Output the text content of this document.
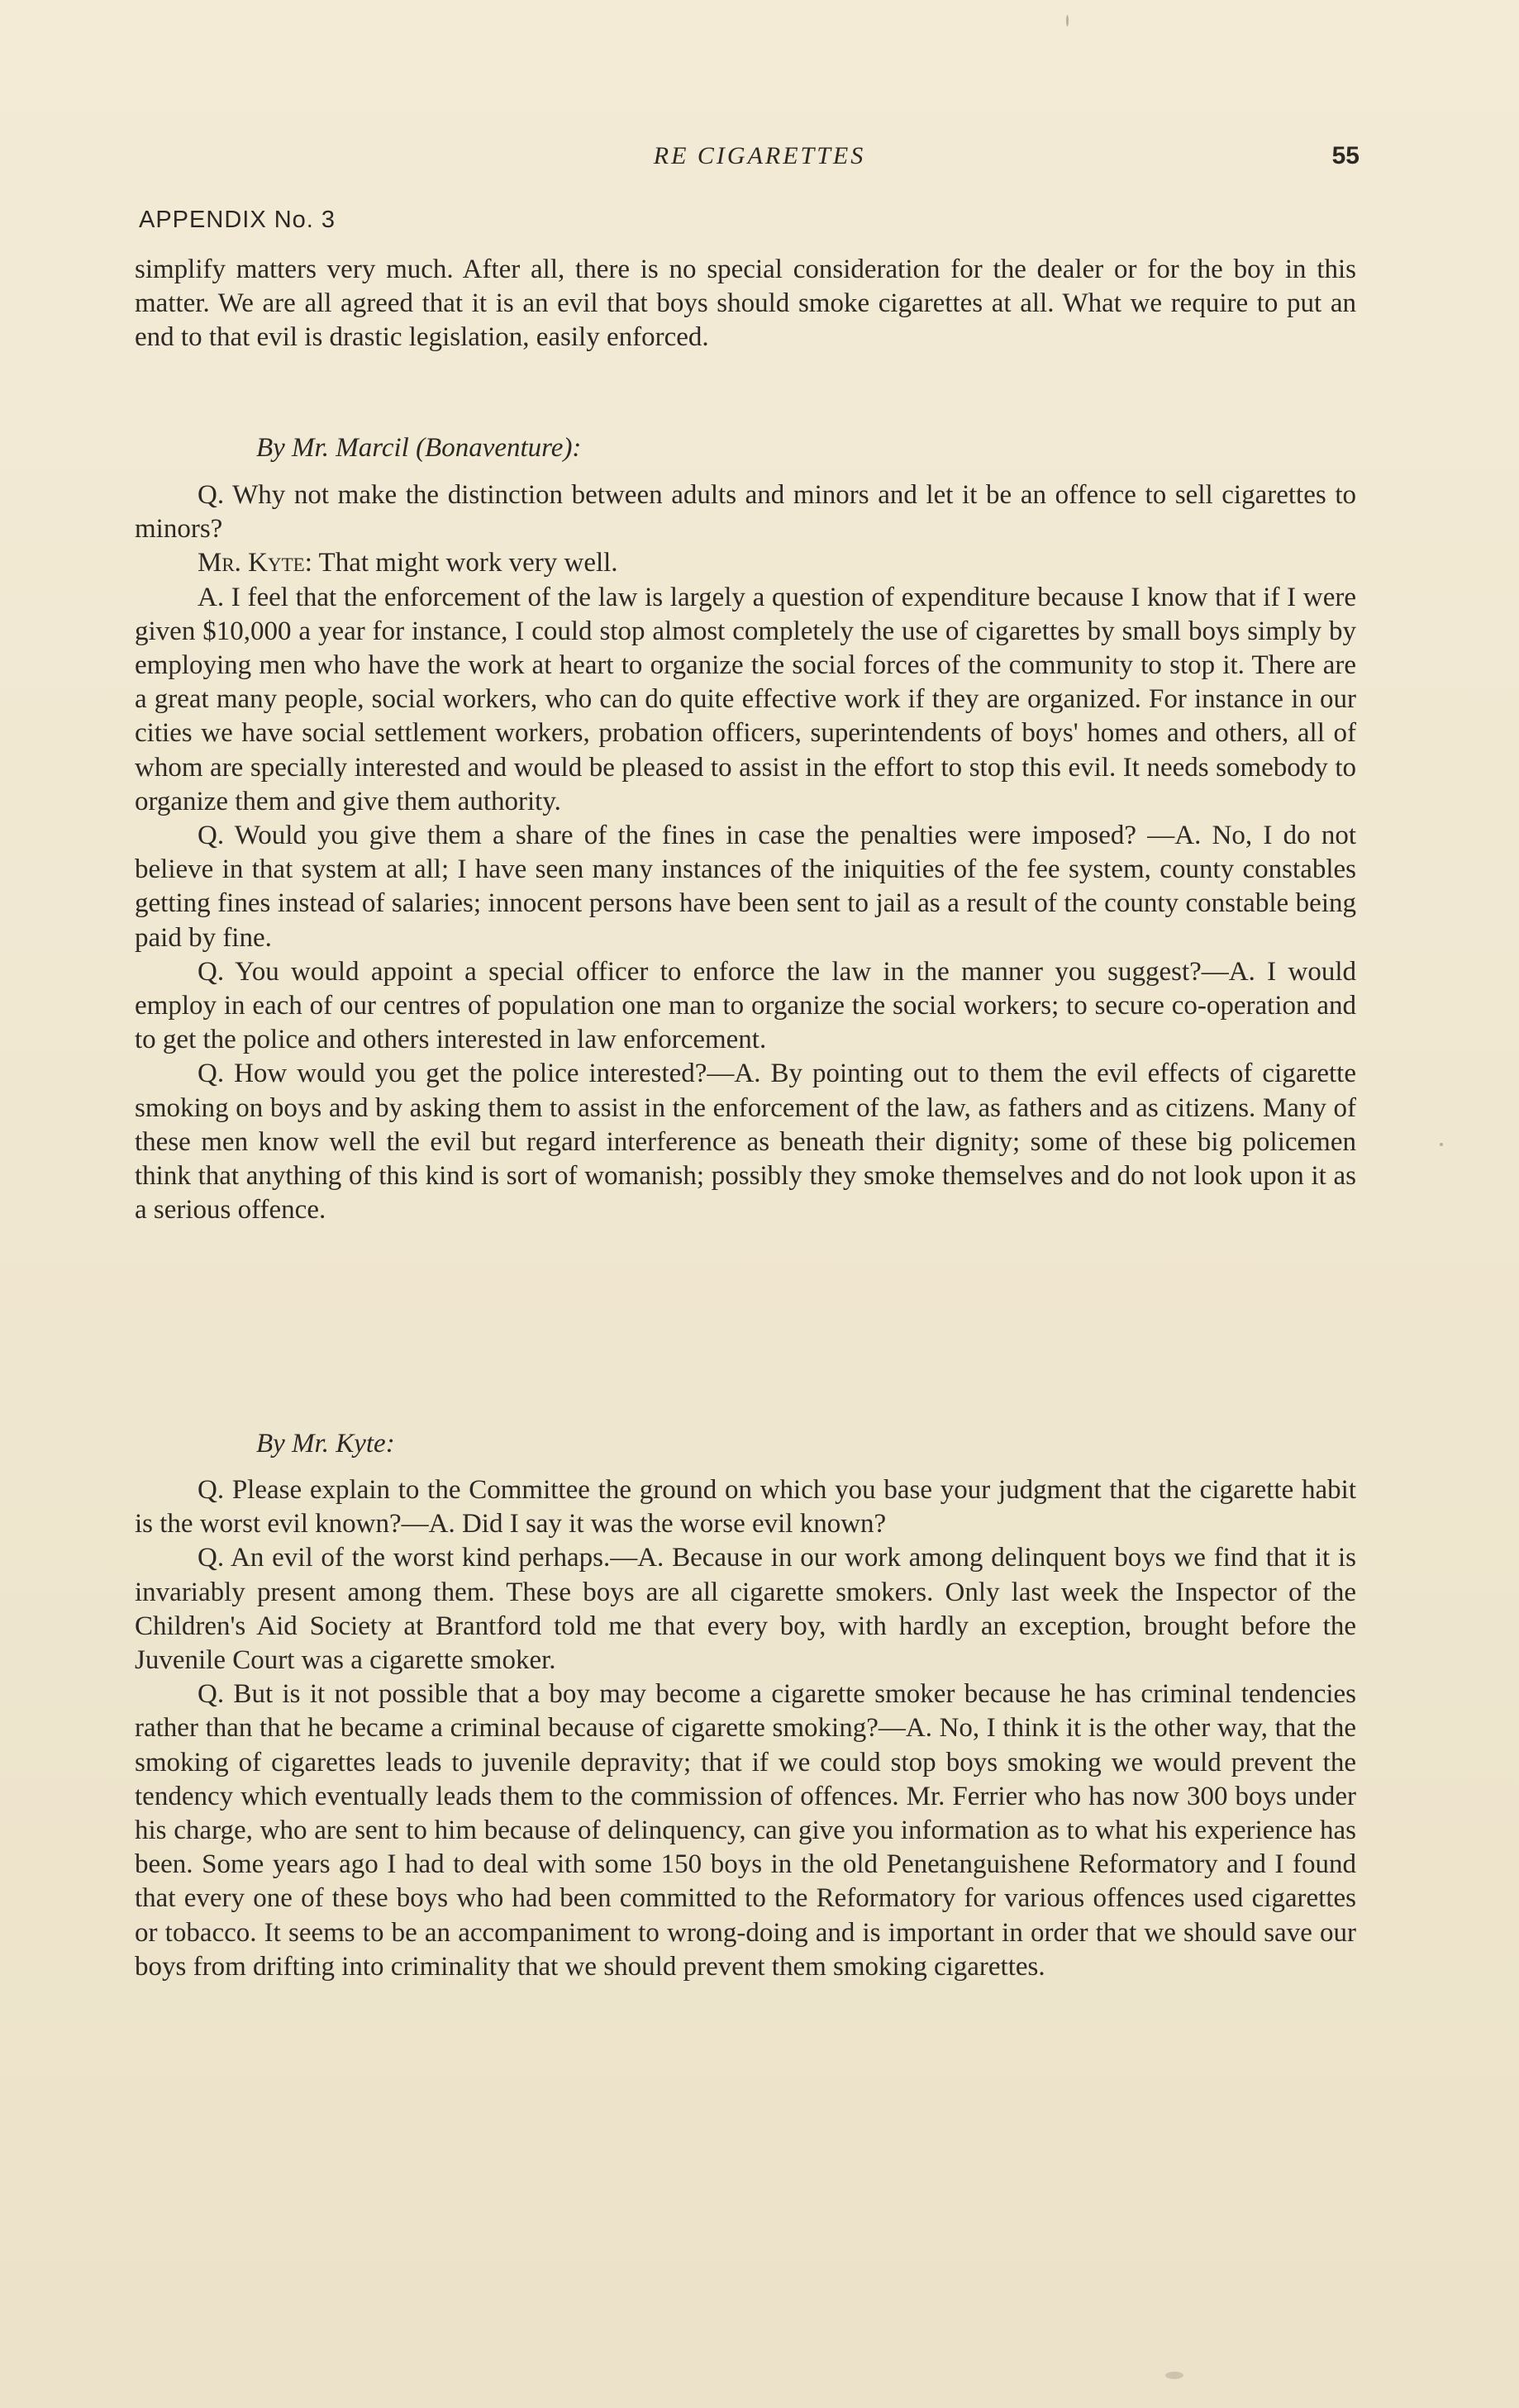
RE CIGARETTES	55
APPENDIX No. 3

simplify matters very much. After all, there is no special consideration for the dealer or for the boy in this matter. We are all agreed that it is an evil that boys should smoke cigarettes at all. What we require to put an end to that evil is drastic legislation, easily enforced.

By Mr. Marcil (Bonaventure):

Q. Why not make the distinction between adults and minors and let it be an offence to sell cigarettes to minors?

Mr. Kyte: That might work very well.

A. I feel that the enforcement of the law is largely a question of expenditure because I know that if I were given $10,000 a year for instance, I could stop almost completely the use of cigarettes by small boys simply by employing men who have the work at heart to organize the social forces of the community to stop it. There are a great many people, social workers, who can do quite effective work if they are organized. For instance in our cities we have social settlement workers, probation officers, superintendents of boys' homes and others, all of whom are specially interested and would be pleased to assist in the effort to stop this evil. It needs somebody to organize them and give them authority.

Q. Would you give them a share of the fines in case the penalties were imposed? —A. No, I do not believe in that system at all; I have seen many instances of the iniquities of the fee system, county constables getting fines instead of salaries; innocent persons have been sent to jail as a result of the county constable being paid by fine.

Q. You would appoint a special officer to enforce the law in the manner you suggest?—A. I would employ in each of our centres of population one man to organize the social workers; to secure co-operation and to get the police and others interested in law enforcement.

Q. How would you get the police interested?—A. By pointing out to them the evil effects of cigarette smoking on boys and by asking them to assist in the enforcement of the law, as fathers and as citizens. Many of these men know well the evil but regard interference as beneath their dignity; some of these big policemen think that anything of this kind is sort of womanish; possibly they smoke themselves and do not look upon it as a serious offence.

By Mr. Kyte:

Q. Please explain to the Committee the ground on which you base your judgment that the cigarette habit is the worst evil known?—A. Did I say it was the worse evil known?

Q. An evil of the worst kind perhaps.—A. Because in our work among delinquent boys we find that it is invariably present among them. These boys are all cigarette smokers. Only last week the Inspector of the Children's Aid Society at Brantford told me that every boy, with hardly an exception, brought before the Juvenile Court was a cigarette smoker.

Q. But is it not possible that a boy may become a cigarette smoker because he has criminal tendencies rather than that he became a criminal because of cigarette smoking?—A. No, I think it is the other way, that the smoking of cigarettes leads to juvenile depravity; that if we could stop boys smoking we would prevent the tendency which eventually leads them to the commission of offences. Mr. Ferrier who has now 300 boys under his charge, who are sent to him because of delinquency, can give you information as to what his experience has been. Some years ago I had to deal with some 150 boys in the old Penetanguishene Reformatory and I found that every one of these boys who had been committed to the Reformatory for various offences used cigarettes or tobacco. It seems to be an accompaniment to wrong-doing and is important in order that we should save our boys from drifting into criminality that we should prevent them smoking cigarettes.
